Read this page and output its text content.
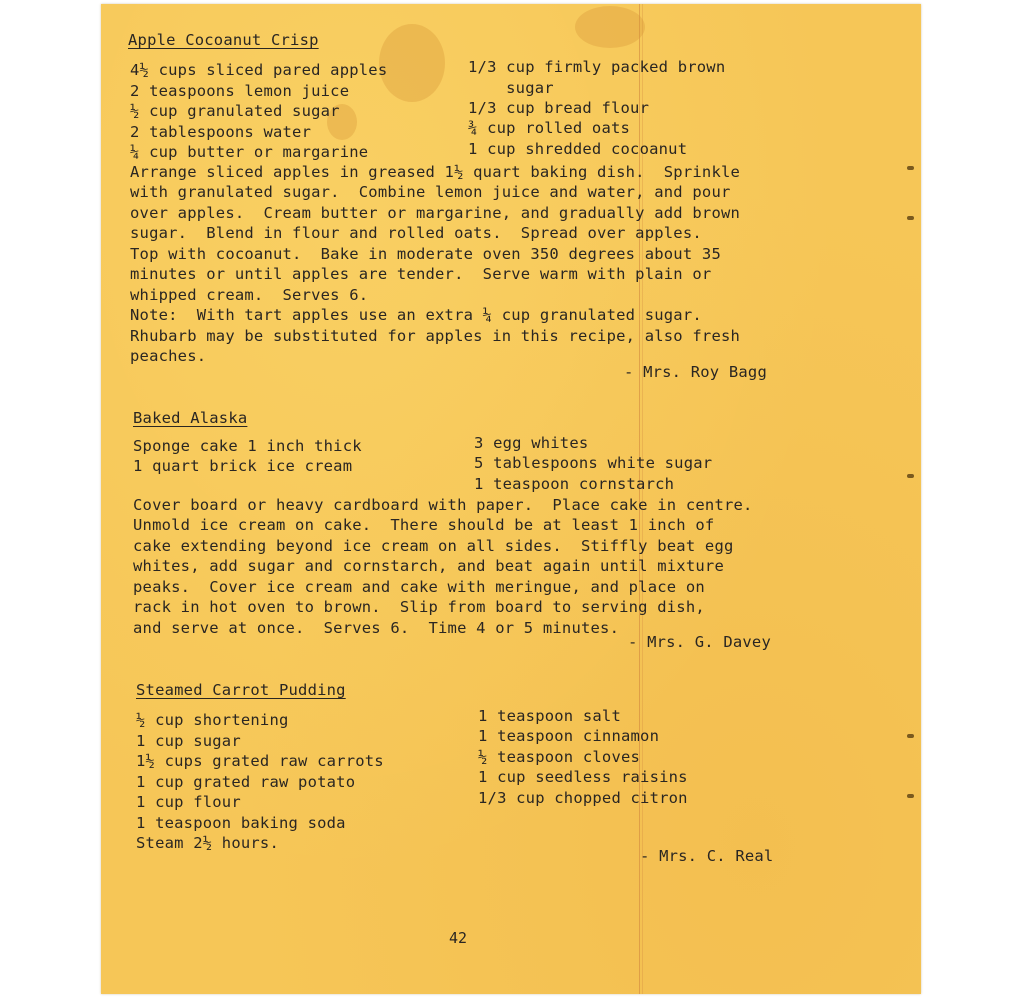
Apple Cocoanut Crisp

4½ cups sliced pared apples

2 teaspoons lemon juice

½ cup granulated sugar

2 tablespoons water

¼ cup butter or margarine

1/3 cup firmly packed brown

sugar

1/3 cup bread flour

¾ cup rolled oats

1 cup shredded cocoanut

Arrange sliced apples in greased 1½ quart baking dish.  Sprinkle

with granulated sugar.  Combine lemon juice and water, and pour

over apples.  Cream butter or margarine, and gradually add brown

sugar.  Blend in flour and rolled oats.  Spread over apples.

Top with cocoanut.  Bake in moderate oven 350 degrees about 35

minutes or until apples are tender.  Serve warm with plain or

whipped cream.  Serves 6.

Note:  With tart apples use an extra ¼ cup granulated sugar.

Rhubarb may be substituted for apples in this recipe, also fresh

peaches.

- Mrs. Roy Bagg

Baked Alaska

Sponge cake 1 inch thick

1 quart brick ice cream

3 egg whites

5 tablespoons white sugar

1 teaspoon cornstarch

Cover board or heavy cardboard with paper.  Place cake in centre.

Unmold ice cream on cake.  There should be at least 1 inch of

cake extending beyond ice cream on all sides.  Stiffly beat egg

whites, add sugar and cornstarch, and beat again until mixture

peaks.  Cover ice cream and cake with meringue, and place on

rack in hot oven to brown.  Slip from board to serving dish,

and serve at once.  Serves 6.  Time 4 or 5 minutes.

- Mrs. G. Davey

Steamed Carrot Pudding

½ cup shortening

1 cup sugar

1½ cups grated raw carrots

1 cup grated raw potato

1 cup flour

1 teaspoon baking soda

Steam 2½ hours.

1 teaspoon salt

1 teaspoon cinnamon

½ teaspoon cloves

1 cup seedless raisins

1/3 cup chopped citron

- Mrs. C. Real

42
